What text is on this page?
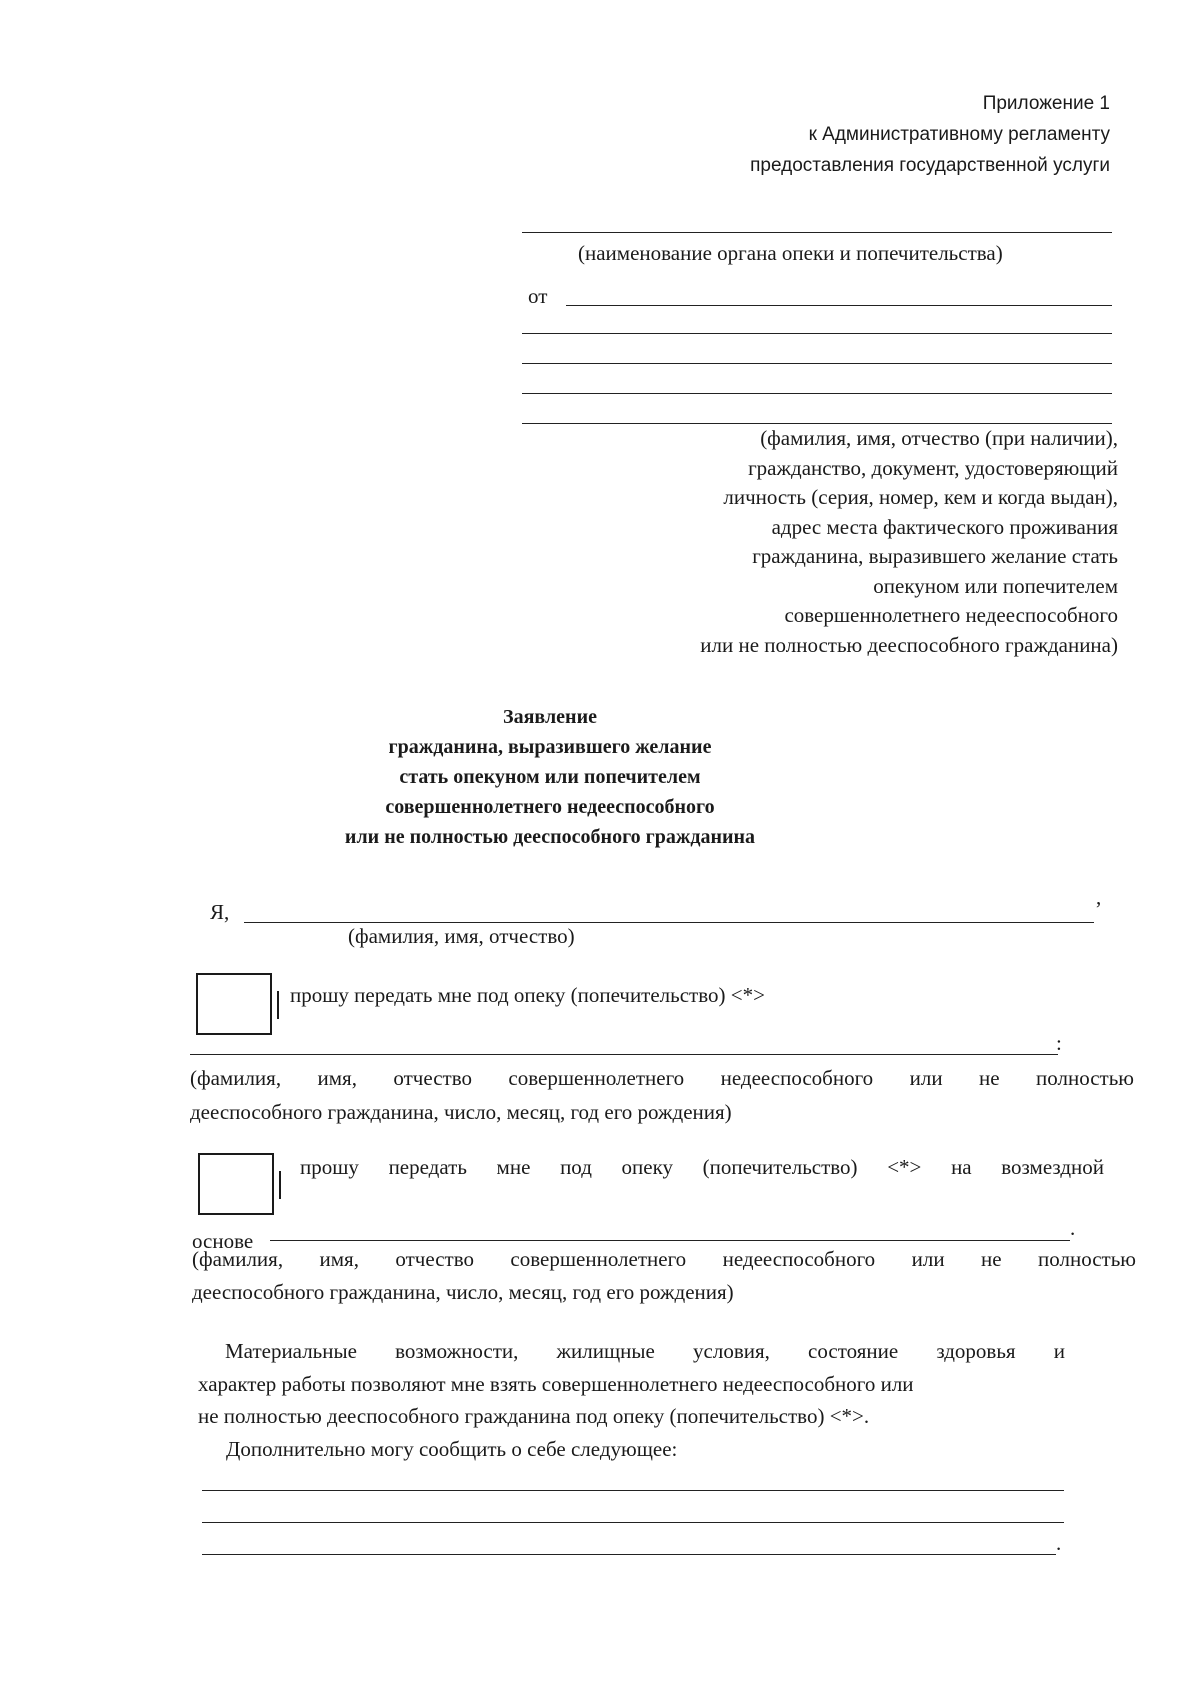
Приложение 1
к Административному регламенту
предоставления государственной услуги
(наименование органа опеки и попечительства)
от
(фамилия, имя, отчество (при наличии),
гражданство, документ, удостоверяющий
личность (серия, номер, кем и когда выдан),
адрес места фактического проживания
гражданина, выразившего желание стать
опекуном или попечителем
совершеннолетнего недееспособного
или не полностью дееспособного гражданина)
Заявление
гражданина, выразившего желание
стать опекуном или попечителем
совершеннолетнего недееспособного
или не полностью дееспособного гражданина
Я,
,
(фамилия, имя, отчество)
прошу передать мне под опеку (попечительство) <*>
:
(фамилия, имя, отчество совершеннолетнего недееспособного или не полностью
дееспособного гражданина, число, месяц, год его рождения)
прошу передать мне под опеку (попечительство) <*> на возмездной
основе
.
(фамилия, имя, отчество совершеннолетнего недееспособного или не полностью
дееспособного гражданина, число, месяц, год его рождения)
Материальные возможности, жилищные условия, состояние здоровья и
характер работы позволяют мне взять совершеннолетнего недееспособного или
не полностью дееспособного гражданина под опеку (попечительство) <*>.
Дополнительно могу сообщить о себе следующее:
.
